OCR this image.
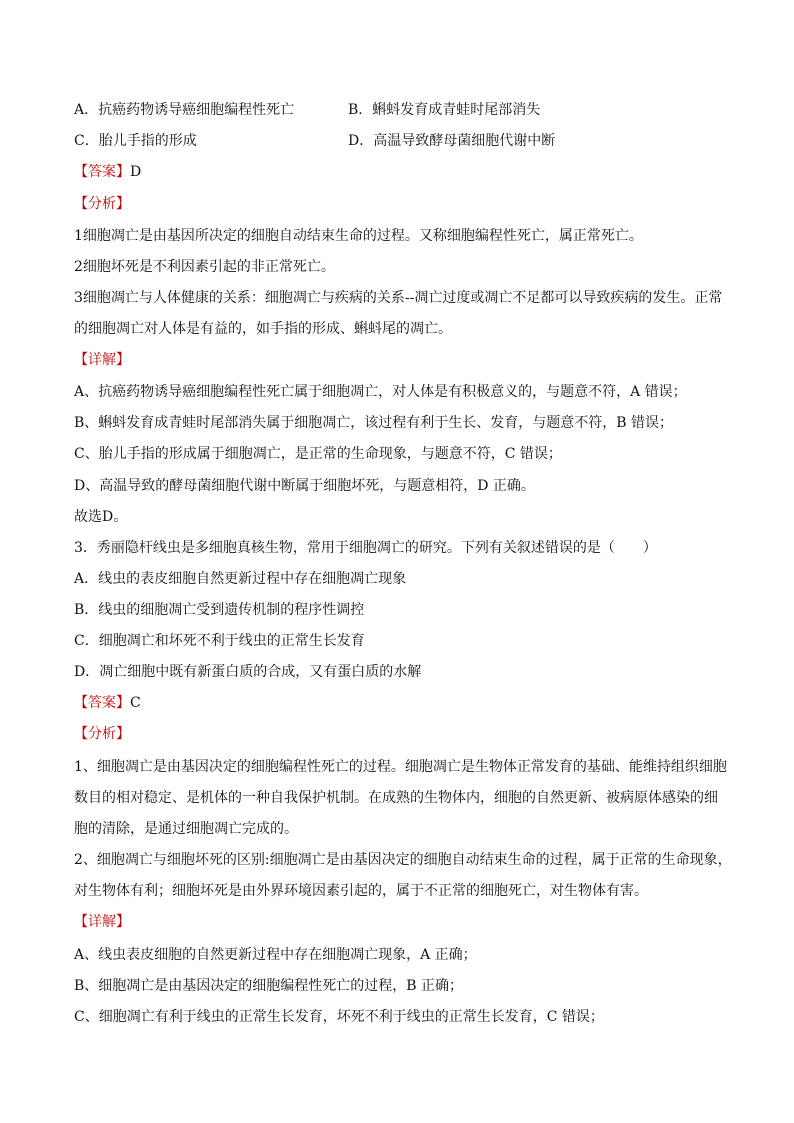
A．抗癌药物诱导癌细胞编程性死亡	B．蝌蚪发育成青蛙时尾部消失
C．胎儿手指的形成	D．高温导致酵母菌细胞代谢中断
【答案】D
【分析】
1细胞凋亡是由基因所决定的细胞自动结束生命的过程。又称细胞编程性死亡，属正常死亡。
2细胞坏死是不利因素引起的非正常死亡。
3细胞凋亡与人体健康的关系：细胞凋亡与疾病的关系--凋亡过度或凋亡不足都可以导致疾病的发生。正常
的细胞凋亡对人体是有益的，如手指的形成、蝌蚪尾的凋亡。
【详解】
A、抗癌药物诱导癌细胞编程性死亡属于细胞凋亡，对人体是有积极意义的，与题意不符，A 错误；
B、蝌蚪发育成青蛙时尾部消失属于细胞凋亡，该过程有利于生长、发育，与题意不符，B 错误；
C、胎儿手指的形成属于细胞凋亡，是正常的生命现象，与题意不符，C 错误；
D、高温导致的酵母菌细胞代谢中断属于细胞坏死，与题意相符，D 正确。
故选D。
3．秀丽隐杆线虫是多细胞真核生物，常用于细胞凋亡的研究。下列有关叙述错误的是（　　）
A．线虫的表皮细胞自然更新过程中存在细胞凋亡现象
B．线虫的细胞凋亡受到遗传机制的程序性调控
C．细胞凋亡和坏死不利于线虫的正常生长发育
D．凋亡细胞中既有新蛋白质的合成，又有蛋白质的水解
【答案】C
【分析】
1、细胞凋亡是由基因决定的细胞编程性死亡的过程。细胞凋亡是生物体正常发育的基础、能维持组织细胞
数目的相对稳定、是机体的一种自我保护机制。在成熟的生物体内，细胞的自然更新、被病原体感染的细
胞的清除，是通过细胞凋亡完成的。
2、细胞凋亡与细胞坏死的区别:细胞凋亡是由基因决定的细胞自动结束生命的过程，属于正常的生命现象，
对生物体有利；细胞坏死是由外界环境因素引起的，属于不正常的细胞死亡，对生物体有害。
【详解】
A、线虫表皮细胞的自然更新过程中存在细胞凋亡现象，A 正确；
B、细胞凋亡是由基因决定的细胞编程性死亡的过程，B 正确；
C、细胞凋亡有利于线虫的正常生长发育，坏死不利于线虫的正常生长发育，C 错误；
